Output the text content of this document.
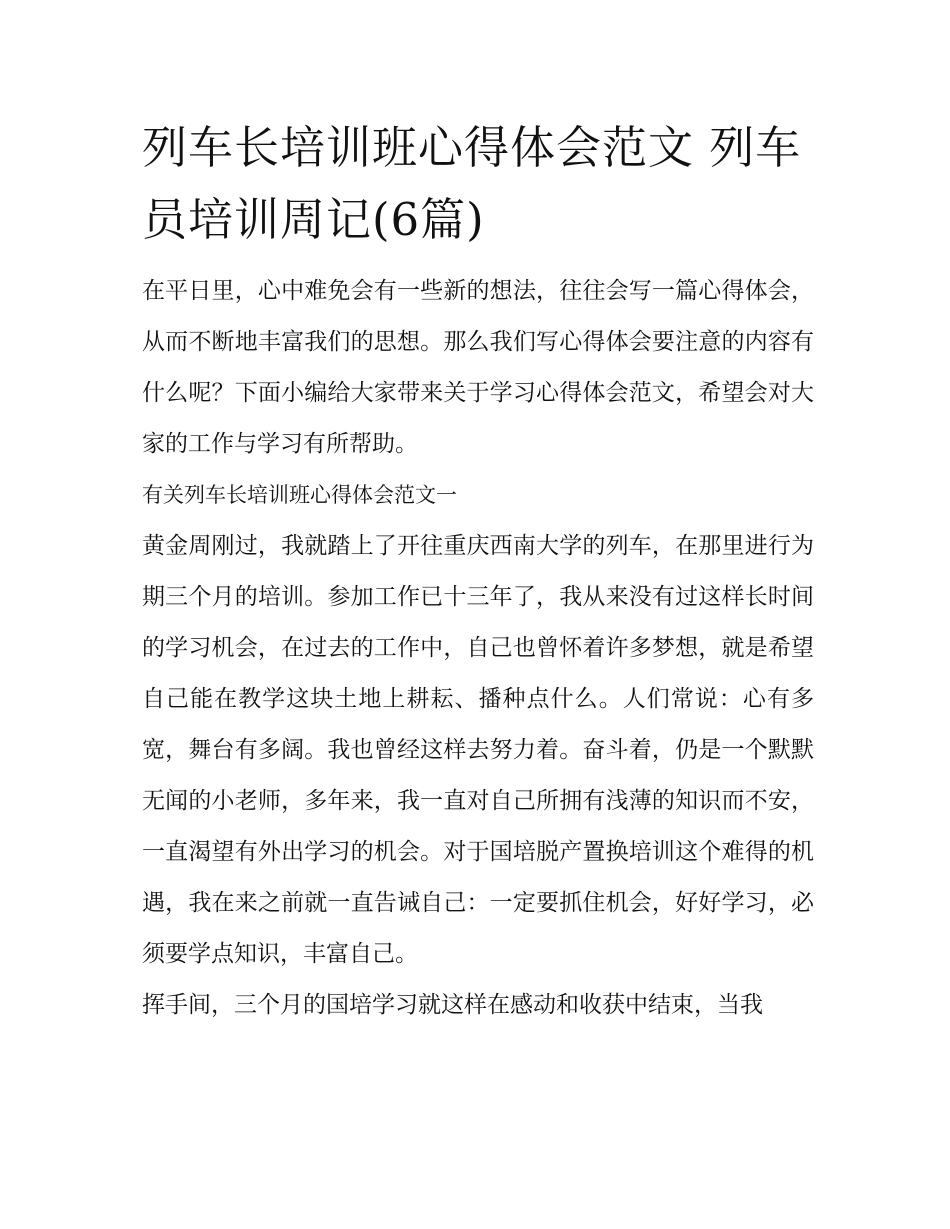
列车长培训班心得体会范文 列车员培训周记(6篇)

在平日里，心中难免会有一些新的想法，往往会写一篇心得体会，从而不断地丰富我们的思想。那么我们写心得体会要注意的内容有什么呢？下面小编给大家带来关于学习心得体会范文，希望会对大家的工作与学习有所帮助。

有关列车长培训班心得体会范文一

黄金周刚过，我就踏上了开往重庆西南大学的列车，在那里进行为期三个月的培训。参加工作已十三年了，我从来没有过这样长时间的学习机会，在过去的工作中，自己也曾怀着许多梦想，就是希望自己能在教学这块土地上耕耘、播种点什么。人们常说：心有多宽，舞台有多阔。我也曾经这样去努力着。奋斗着，仍是一个默默无闻的小老师，多年来，我一直对自己所拥有浅薄的知识而不安，一直渴望有外出学习的机会。对于国培脱产置换培训这个难得的机遇，我在来之前就一直告诫自己：一定要抓住机会，好好学习，必须要学点知识，丰富自己。

挥手间，三个月的国培学习就这样在感动和收获中结束，当我
